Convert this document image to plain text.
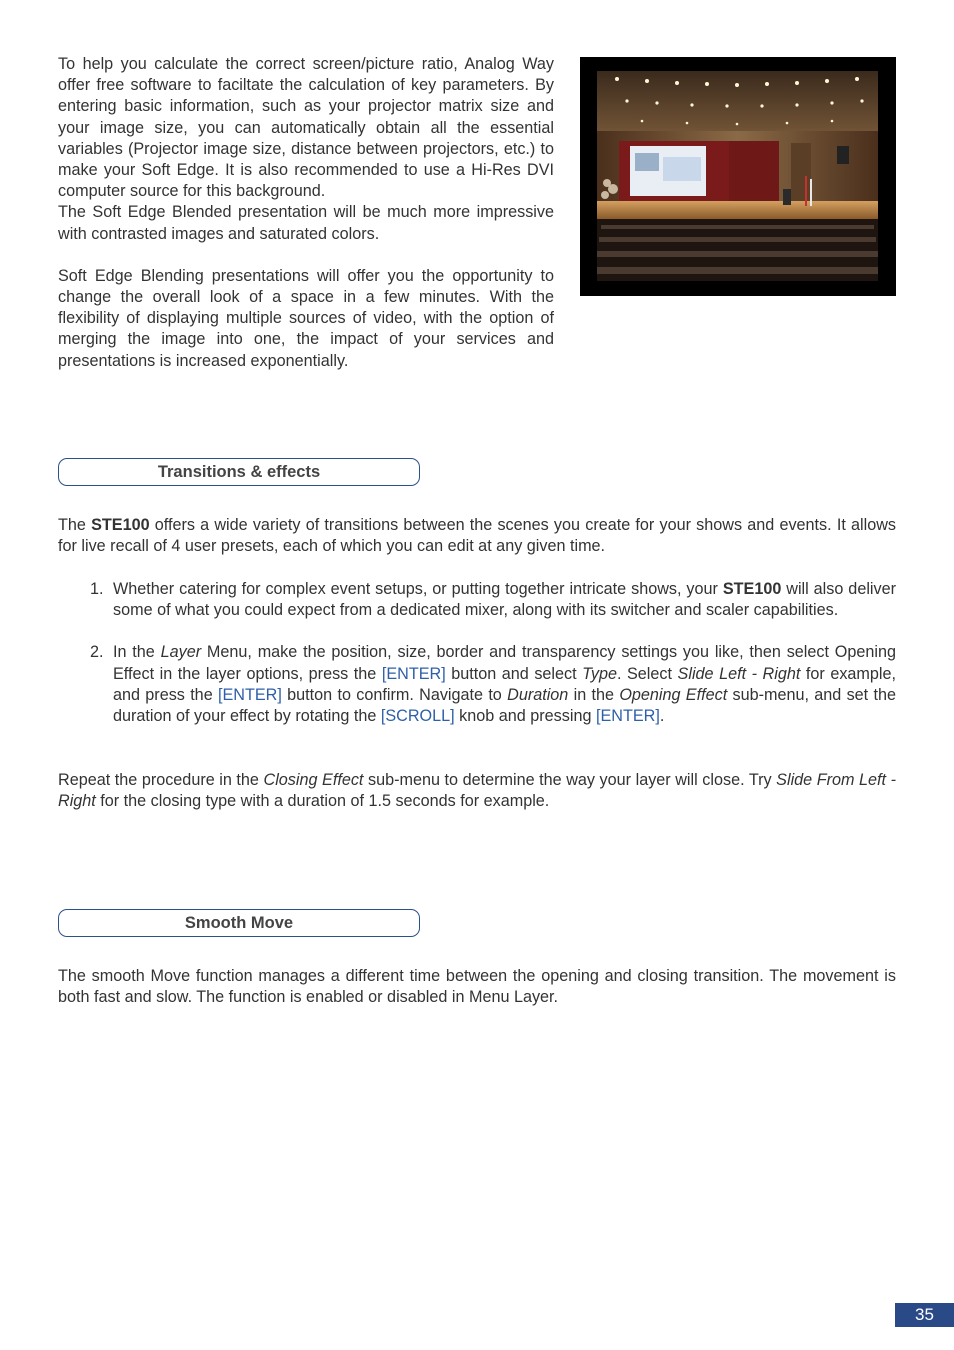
To help you calculate the correct screen/picture ratio, Analog Way offer free software to faciltate the calculation of key parameters. By entering basic information, such as your projector matrix size and your image size, you can automatically obtain all the essential variables (Projector image size, distance between projectors, etc.) to make your Soft Edge. It is also recommended to use a Hi-Res DVI computer source for this background.

The Soft Edge Blended presentation will be much more impressive with contrasted images and saturated colors.

Soft Edge Blending presentations will offer you the opportunity to change the overall look of a space in a few minutes. With the flexibility of displaying multiple sources of video, with the option of merging the image into one, the impact of your services and presentations is increased exponentially.

Transitions & effects

The STE100 offers a wide variety of transitions between the scenes you create for your shows and events. It allows for live recall of 4 user presets, each of which you can edit at any given time.

1. Whether catering for complex event setups, or putting together intricate shows, your STE100 will also deliver some of what you could expect from a dedicated mixer, along with its switcher and scaler capabilities.
2. In the Layer Menu, make the position, size, border and transparency settings you like, then select Opening Effect in the layer options, press the [ENTER] button and select Type. Select Slide Left - Right for example, and press the [ENTER] button to confirm. Navigate to Duration in the Opening Effect sub-menu, and set the duration of your effect by rotating the [SCROLL] knob and pressing [ENTER].

Repeat the procedure in the Closing Effect sub-menu to determine the way your layer will close. Try Slide From Left - Right for the closing type with a duration of 1.5 seconds for example.

Smooth Move

The smooth Move function manages a different time between the opening and closing transition. The movement is both fast and slow. The function is enabled or disabled in Menu Layer.

35
